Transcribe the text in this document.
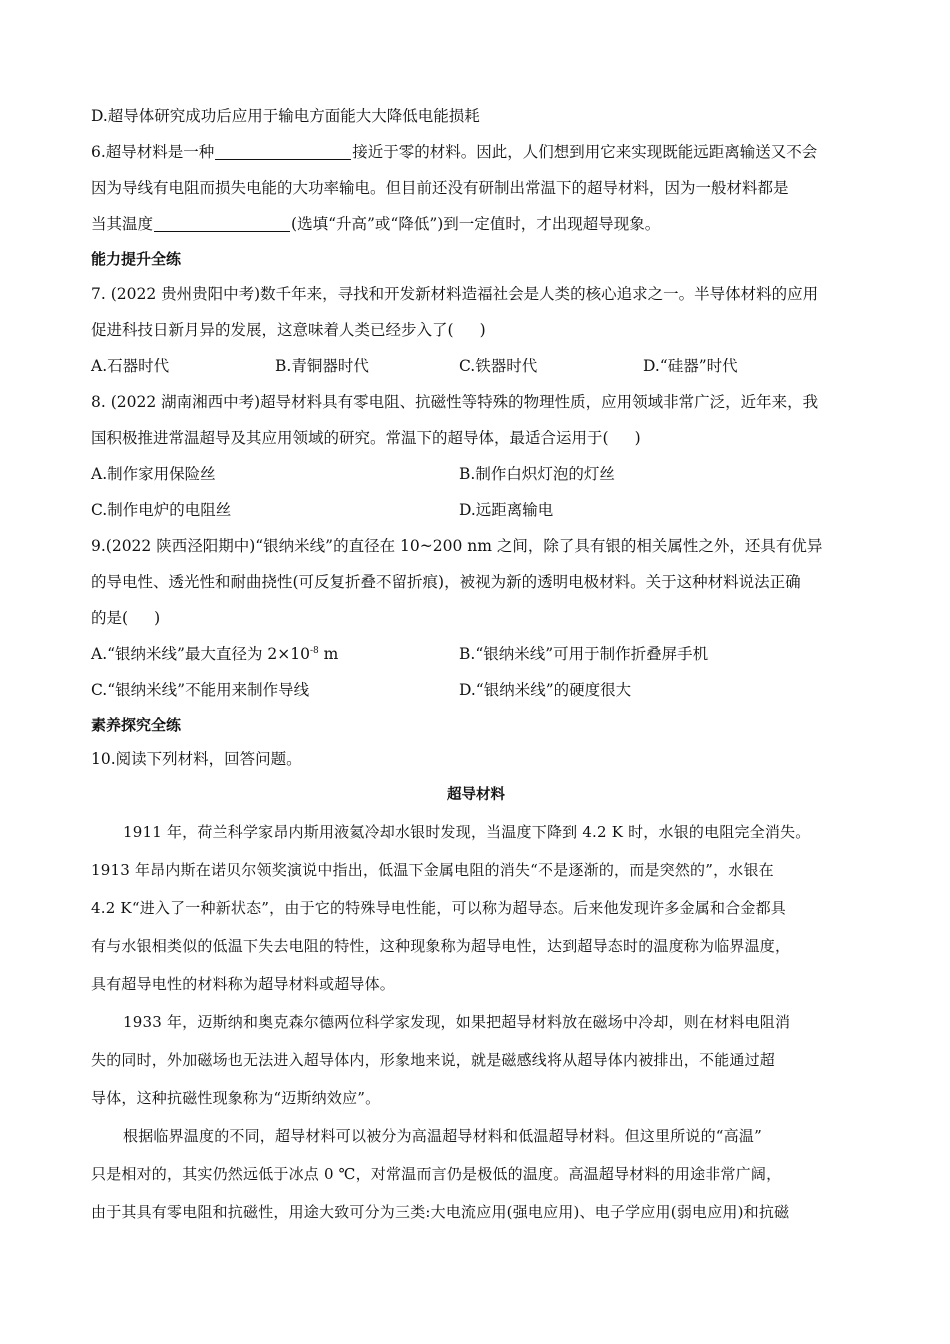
D.超导体研究成功后应用于输电方面能大大降低电能损耗
6.超导材料是一种	接近于零的材料。因此，人们想到用它来实现既能远距离输送又不会
因为导线有电阻而损失电能的大功率输电。但目前还没有研制出常温下的超导材料，因为一般材料都是
当其温度	(选填“升高”或“降低”)到一定值时，才出现超导现象。
能力提升全练
7. (2022 贵州贵阳中考)数千年来，寻找和开发新材料造福社会是人类的核心追求之一。半导体材料的应用
促进科技日新月异的发展，这意味着人类已经步入了( )
A.石器时代	B.青铜器时代	C.铁器时代	D.“硅器”时代
8. (2022 湖南湘西中考)超导材料具有零电阻、抗磁性等特殊的物理性质，应用领域非常广泛，近年来，我
国积极推进常温超导及其应用领域的研究。常温下的超导体，最适合运用于( )
A.制作家用保险丝	B.制作白炽灯泡的灯丝
C.制作电炉的电阻丝	D.远距离输电
9.(2022 陕西泾阳期中)“银纳米线”的直径在 10~200 nm 之间，除了具有银的相关属性之外，还具有优异
的导电性、透光性和耐曲挠性(可反复折叠不留折痕)，被视为新的透明电极材料。关于这种材料说法正确
的是( )
A.“银纳米线”最大直径为 $2\times 10^{-8}$ m	B.“银纳米线”可用于制作折叠屏手机
C.“银纳米线”不能用来制作导线	D.“银纳米线”的硬度很大
素养探究全练
10.阅读下列材料，回答问题。
超导材料
1911 年，荷兰科学家昂内斯用液氦冷却水银时发现，当温度下降到 4.2 K 时，水银的电阻完全消失。
1913 年昂内斯在诺贝尔领奖演说中指出，低温下金属电阻的消失“不是逐渐的，而是突然的”，水银在
4.2 K“进入了一种新状态”，由于它的特殊导电性能，可以称为超导态。后来他发现许多金属和合金都具
有与水银相类似的低温下失去电阻的特性，这种现象称为超导电性，达到超导态时的温度称为临界温度，
具有超导电性的材料称为超导材料或超导体。
1933 年，迈斯纳和奥克森尔德两位科学家发现，如果把超导材料放在磁场中冷却，则在材料电阻消
失的同时，外加磁场也无法进入超导体内，形象地来说，就是磁感线将从超导体内被排出，不能通过超
导体，这种抗磁性现象称为“迈斯纳效应”。
根据临界温度的不同，超导材料可以被分为高温超导材料和低温超导材料。但这里所说的“高温”
只是相对的，其实仍然远低于冰点 0 ℃，对常温而言仍是极低的温度。高温超导材料的用途非常广阔，
由于其具有零电阻和抗磁性，用途大致可分为三类:大电流应用(强电应用)、电子学应用(弱电应用)和抗磁
